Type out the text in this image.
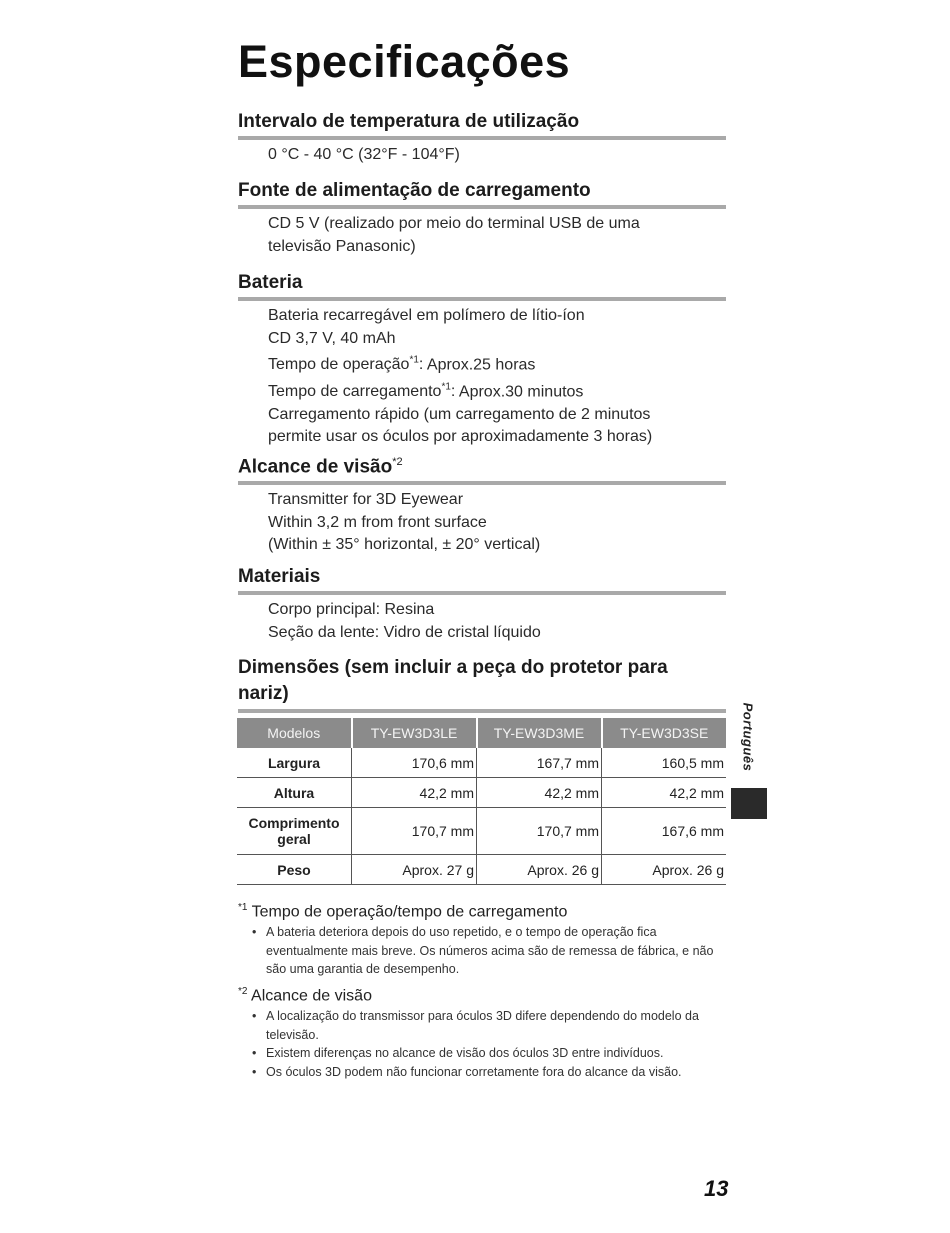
Especificações
Intervalo de temperatura de utilização
0 °C - 40 °C (32°F - 104°F)
Fonte de alimentação de carregamento
CD 5 V (realizado por meio do terminal USB de uma
televisão Panasonic)
Bateria
Bateria recarregável em polímero de lítio-íon
CD 3,7 V, 40 mAh
Tempo de operação$^{*1}$: Aprox.25 horas
Tempo de carregamento$^{*1}$: Aprox.30 minutos
Carregamento rápido (um carregamento de 2 minutos
permite usar os óculos por aproximadamente 3 horas)
Alcance de visão$^{*2}$
Transmitter for 3D Eyewear
Within 3,2 m from front surface
(Within ± 35° horizontal, ± 20° vertical)
Materiais
Corpo principal: Resina
Seção da lente: Vidro de cristal líquido
Dimensões (sem incluir a peça do protetor para
nariz)
Modelos	TY-EW3D3LE	TY-EW3D3ME	TY-EW3D3SE
Largura	170,6 mm	167,7 mm	160,5 mm
Altura	42,2 mm	42,2 mm	42,2 mm
Comprimento
geral	170,7 mm	170,7 mm	167,6 mm
Peso	Aprox. 27 g	Aprox. 26 g	Aprox. 26 g
$^{*1}$ Tempo de operação/tempo de carregamento
• A bateria deteriora depois do uso repetido, e o tempo de operação fica eventualmente mais breve. Os números acima são de remessa de fábrica, e não são uma garantia de desempenho.
$^{*2}$ Alcance de visão
• A localização do transmissor para óculos 3D difere dependendo do modelo da televisão.
• Existem diferenças no alcance de visão dos óculos 3D entre indivíduos.
• Os óculos 3D podem não funcionar corretamente fora do alcance da visão.
Português
13
